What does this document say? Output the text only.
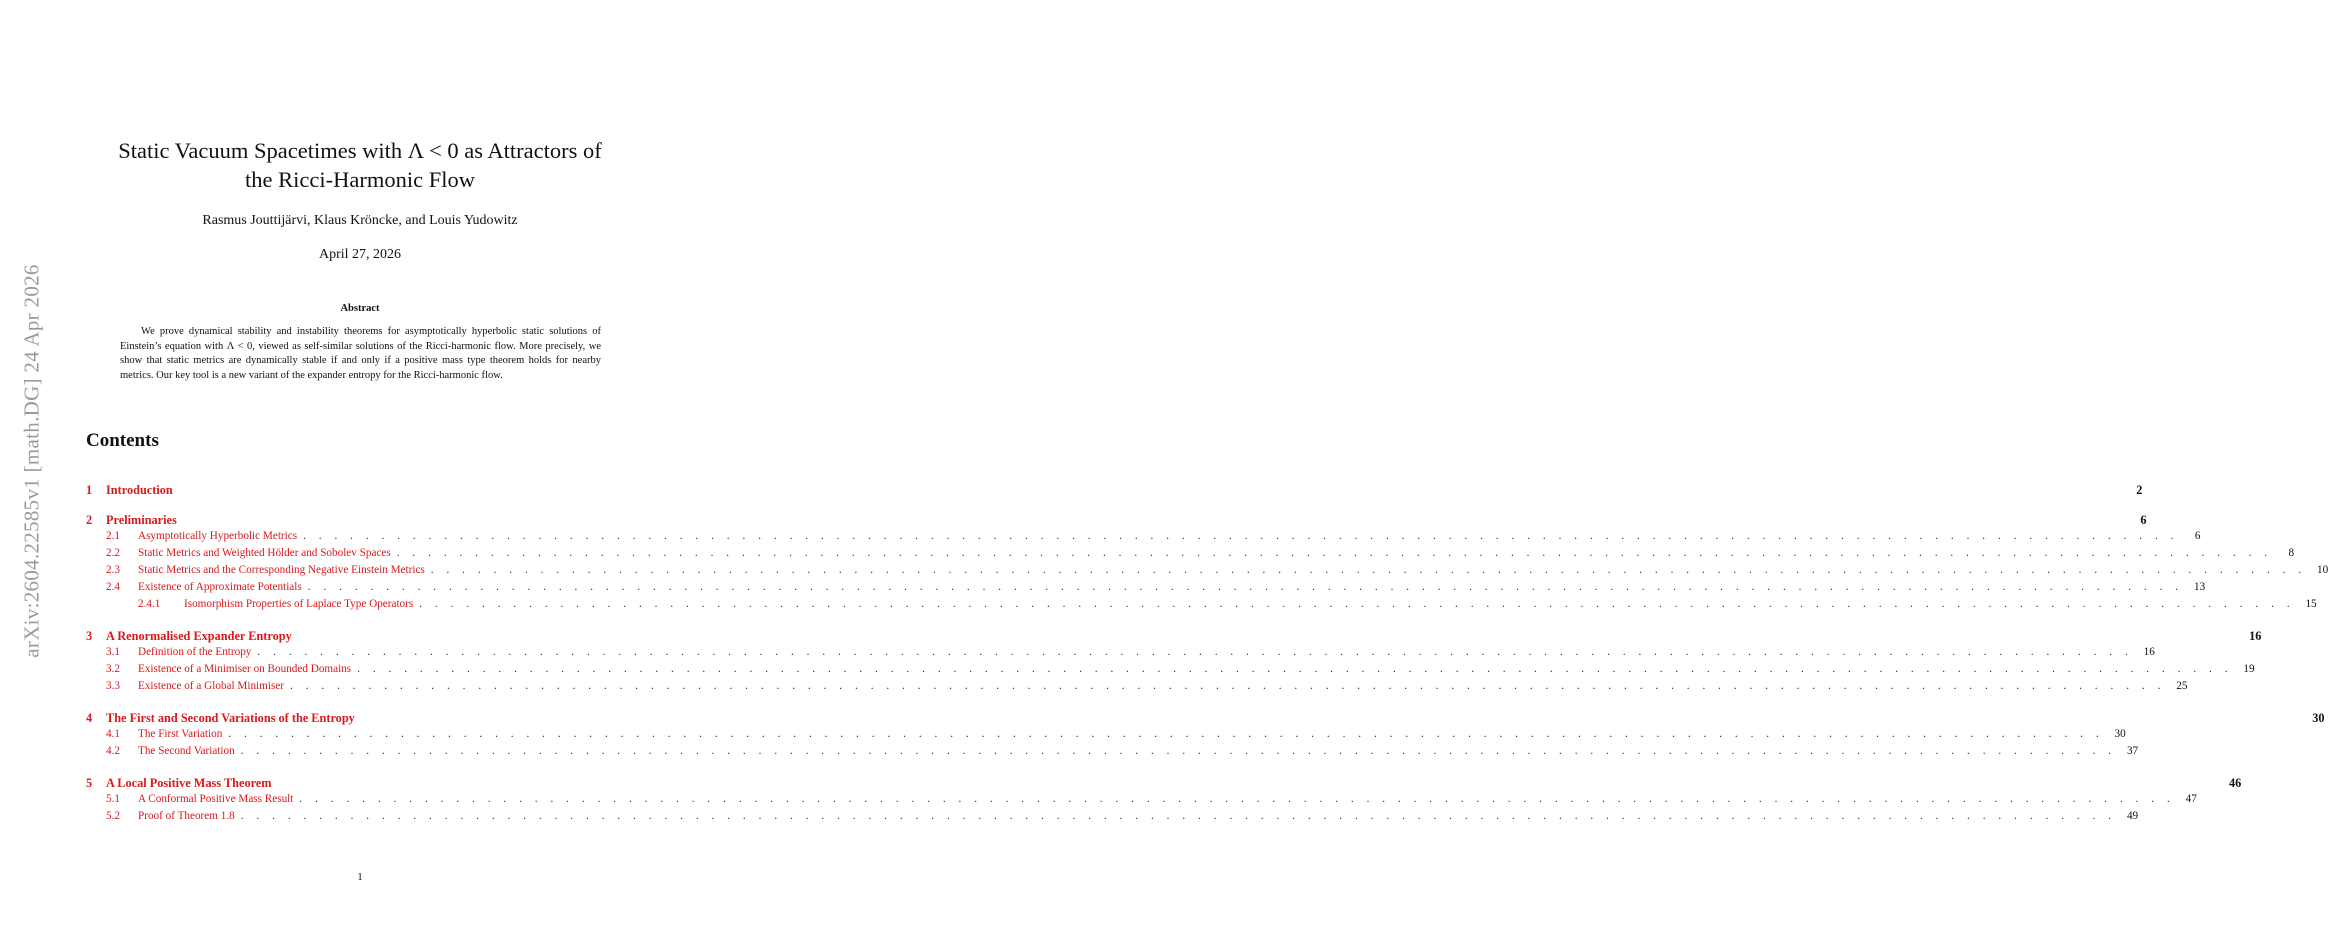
arXiv:2604.22585v1 [math.DG] 24 Apr 2026
Static Vacuum Spacetimes with Λ < 0 as Attractors of
the Ricci-Harmonic Flow
Rasmus Jouttijärvi, Klaus Kröncke, and Louis Yudowitz
April 27, 2026
Abstract
We prove dynamical stability and instability theorems for asymptotically hyperbolic static solutions of Einstein’s equation with Λ < 0, viewed as self-similar solutions of the Ricci-harmonic flow. More precisely, we show that static metrics are dynamically stable if and only if a positive mass type theorem holds for nearby metrics. Our key tool is a new variant of the expander entropy for the Ricci-harmonic flow.
Contents
1	Introduction	2
2	Preliminaries	6
2.1	Asymptotically Hyperbolic Metrics . . . . . . . . . . . . . . . . . . . . . . . . . . . . . . . . . . . . . . . . . . . . . . . . . . . . . . . . . . . . . . . . . . . . . . . . . . . . . . . . . . . . . . . . . . . . . . . . . . . . . . . . . . . . . . . . . . . . . . . .	6
2.2	Static Metrics and Weighted Hölder and Sobolev Spaces . . . . . . . . . . . . . . . . . . . . . . . . . . . . . . . . . . . . . . . . . . . . . . . . . . . . . . . . . . . . . . . . . . . . . . . . . . . . . . . . . . . . . . . . . . . . . . . . . . . . . . . . . . . . . . . . . . . . . . . .	8
2.3	Static Metrics and the Corresponding Negative Einstein Metrics . . . . . . . . . . . . . . . . . . . . . . . . . . . . . . . . . . . . . . . . . . . . . . . . . . . . . . . . . . . . . . . . . . . . . . . . . . . . . . . . . . . . . . . . . . . . . . . . . . . . . . . . . . . . . . . . . . . . . . . . 10
2.4	Existence of Approximate Potentials . . . . . . . . . . . . . . . . . . . . . . . . . . . . . . . . . . . . . . . . . . . . . . . . . . . . . . . . . . . . . . . . . . . . . . . . . . . . . . . . . . . . . . . . . . . . . . . . . . . . . . . . . . . . . . . . . . . . . . . . 13
2.4.1	Isomorphism Properties of Laplace Type Operators . . . . . . . . . . . . . . . . . . . . . . . . . . . . . . . . . . . . . . . . . . . . . . . . . . . . . . . . . . . . . . . . . . . . . . . . . . . . . . . . . . . . . . . . . . . . . . . . . . . . . . . . . . . . . . . . . . . . . . . . 15
3	A Renormalised Expander Entropy	16
3.1	Definition of the Entropy . . . . . . . . . . . . . . . . . . . . . . . . . . . . . . . . . . . . . . . . . . . . . . . . . . . . . . . . . . . . . . . . . . . . . . . . . . . . . . . . . . . . . . . . . . . . . . . . . . . . . . . . . . . . . . . . . . . . . . . . 16
3.2	Existence of a Minimiser on Bounded Domains . . . . . . . . . . . . . . . . . . . . . . . . . . . . . . . . . . . . . . . . . . . . . . . . . . . . . . . . . . . . . . . . . . . . . . . . . . . . . . . . . . . . . . . . . . . . . . . . . . . . . . . . . . . . . . . . . . . . . . . . 19
3.3	Existence of a Global Minimiser . . . . . . . . . . . . . . . . . . . . . . . . . . . . . . . . . . . . . . . . . . . . . . . . . . . . . . . . . . . . . . . . . . . . . . . . . . . . . . . . . . . . . . . . . . . . . . . . . . . . . . . . . . . . . . . . . . . . . . . . 25
4	The First and Second Variations of the Entropy	30
4.1	The First Variation . . . . . . . . . . . . . . . . . . . . . . . . . . . . . . . . . . . . . . . . . . . . . . . . . . . . . . . . . . . . . . . . . . . . . . . . . . . . . . . . . . . . . . . . . . . . . . . . . . . . . . . . . . . . . . . . . . . . . . . . 30
4.2	The Second Variation . . . . . . . . . . . . . . . . . . . . . . . . . . . . . . . . . . . . . . . . . . . . . . . . . . . . . . . . . . . . . . . . . . . . . . . . . . . . . . . . . . . . . . . . . . . . . . . . . . . . . . . . . . . . . . . . . . . . . . . . 37
5	A Local Positive Mass Theorem	46
5.1	A Conformal Positive Mass Result . . . . . . . . . . . . . . . . . . . . . . . . . . . . . . . . . . . . . . . . . . . . . . . . . . . . . . . . . . . . . . . . . . . . . . . . . . . . . . . . . . . . . . . . . . . . . . . . . . . . . . . . . . . . . . . . . . . . . . . . 47
5.2	Proof of Theorem 1.8 . . . . . . . . . . . . . . . . . . . . . . . . . . . . . . . . . . . . . . . . . . . . . . . . . . . . . . . . . . . . . . . . . . . . . . . . . . . . . . . . . . . . . . . . . . . . . . . . . . . . . . . . . . . . . . . . . . . . . . . . 49
1
